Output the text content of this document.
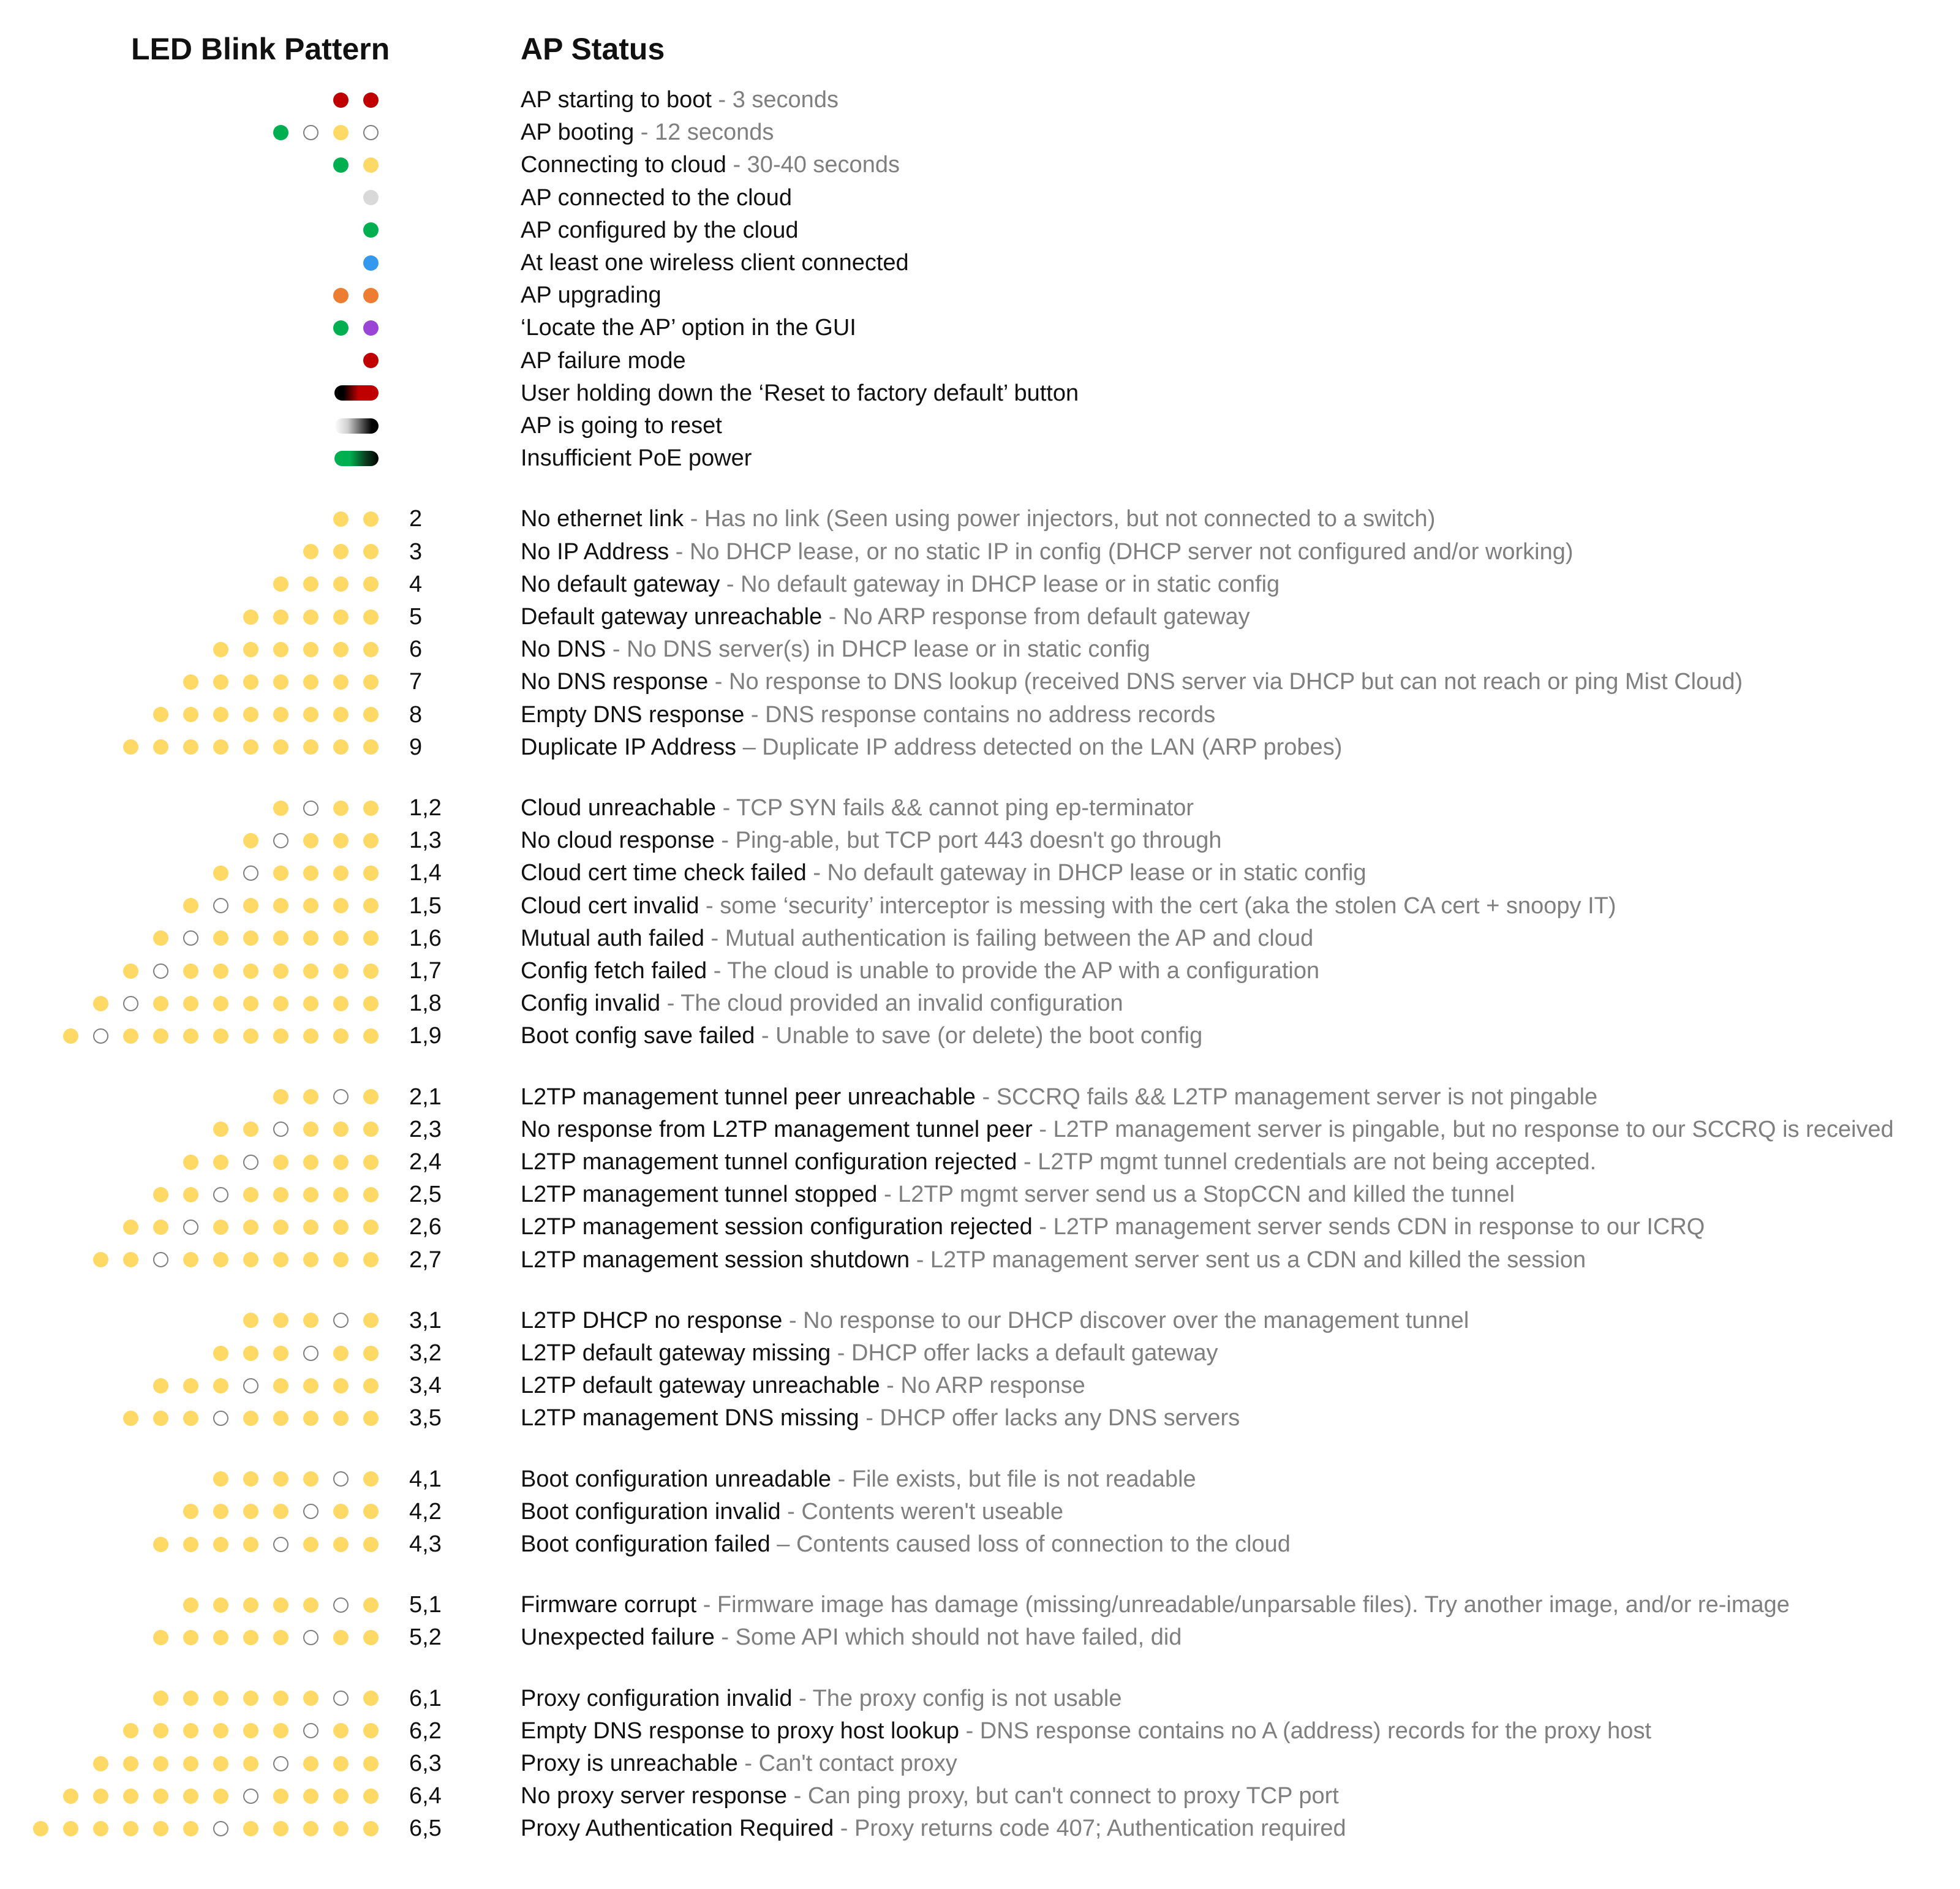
LED Blink Pattern	AP Status
AP starting to boot - 3 seconds
AP booting - 12 seconds
Connecting to cloud - 30-40 seconds
AP connected to the cloud
AP configured by the cloud
At least one wireless client connected
AP upgrading
‘Locate the AP’ option in the GUI
AP failure mode
User holding down the ‘Reset to factory default’ button
AP is going to reset
Insufficient PoE power
2	No ethernet link - Has no link (Seen using power injectors, but not connected to a switch)
3	No IP Address - No DHCP lease, or no static IP in config (DHCP server not configured and/or working)
4	No default gateway - No default gateway in DHCP lease or in static config
5	Default gateway unreachable - No ARP response from default gateway
6	No DNS - No DNS server(s) in DHCP lease or in static config
7	No DNS response - No response to DNS lookup (received DNS server via DHCP but can not reach or ping Mist Cloud)
8	Empty DNS response - DNS response contains no address records
9	Duplicate IP Address – Duplicate IP address detected on the LAN (ARP probes)
1,2	Cloud unreachable - TCP SYN fails && cannot ping ep-terminator
1,3	No cloud response - Ping-able, but TCP port 443 doesn't go through
1,4	Cloud cert time check failed - No default gateway in DHCP lease or in static config
1,5	Cloud cert invalid - some ‘security’ interceptor is messing with the cert (aka the stolen CA cert + snoopy IT)
1,6	Mutual auth failed - Mutual authentication is failing between the AP and cloud
1,7	Config fetch failed - The cloud is unable to provide the AP with a configuration
1,8	Config invalid - The cloud provided an invalid configuration
1,9	Boot config save failed - Unable to save (or delete) the boot config
2,1	L2TP management tunnel peer unreachable - SCCRQ fails && L2TP management server is not pingable
2,3	No response from L2TP management tunnel peer - L2TP management server is pingable, but no response to our SCCRQ is received
2,4	L2TP management tunnel configuration rejected - L2TP mgmt tunnel credentials are not being accepted.
2,5	L2TP management tunnel stopped - L2TP mgmt server send us a StopCCN and killed the tunnel
2,6	L2TP management session configuration rejected - L2TP management server sends CDN in response to our ICRQ
2,7	L2TP management session shutdown - L2TP management server sent us a CDN and killed the session
3,1	L2TP DHCP no response - No response to our DHCP discover over the management tunnel
3,2	L2TP default gateway missing - DHCP offer lacks a default gateway
3,4	L2TP default gateway unreachable - No ARP response
3,5	L2TP management DNS missing - DHCP offer lacks any DNS servers
4,1	Boot configuration unreadable - File exists, but file is not readable
4,2	Boot configuration invalid - Contents weren't useable
4,3	Boot configuration failed – Contents caused loss of connection to the cloud
5,1	Firmware corrupt - Firmware image has damage (missing/unreadable/unparsable files). Try another image, and/or re-image
5,2	Unexpected failure - Some API which should not have failed, did
6,1	Proxy configuration invalid - The proxy config is not usable
6,2	Empty DNS response to proxy host lookup - DNS response contains no A (address) records for the proxy host
6,3	Proxy is unreachable - Can't contact proxy
6,4	No proxy server response - Can ping proxy, but can't connect to proxy TCP port
6,5	Proxy Authentication Required - Proxy returns code 407; Authentication required
